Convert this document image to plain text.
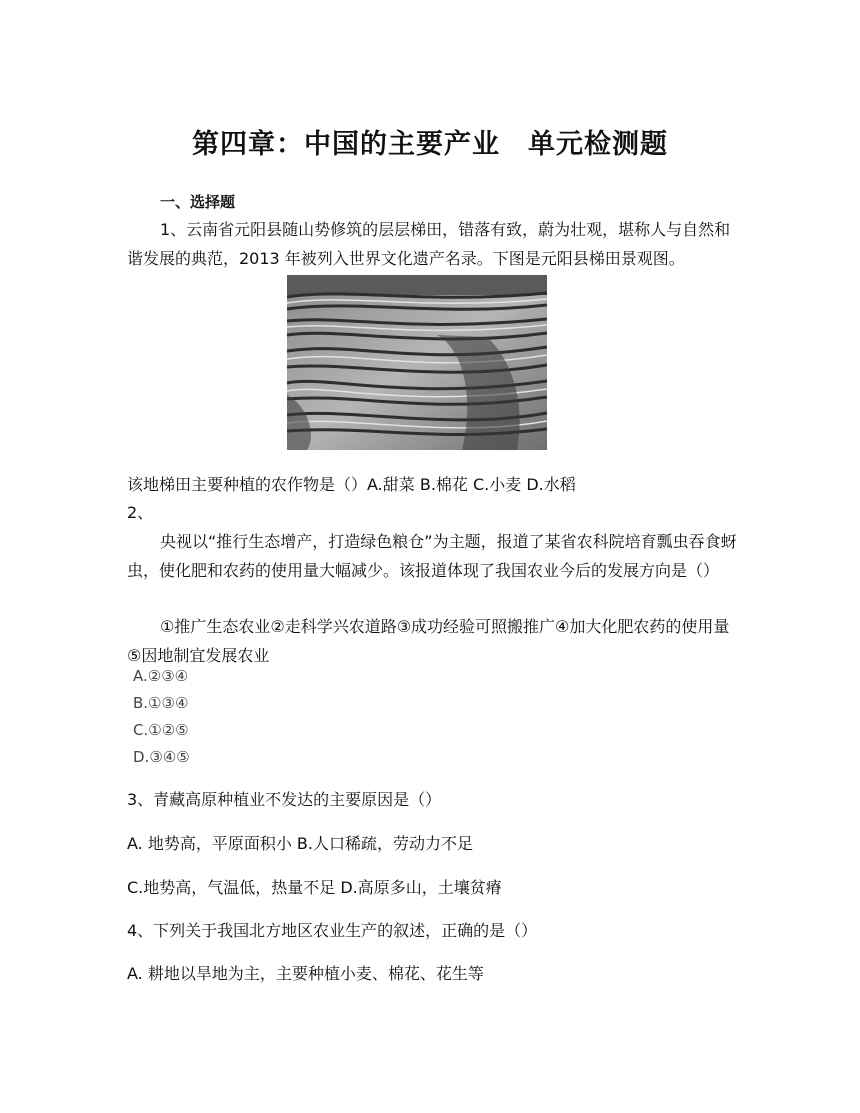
第四章：中国的主要产业　单元检测题
一、选择题

1、云南省元阳县随山势修筑的层层梯田，错落有致，蔚为壮观，堪称人与自然和谐发展的典范，2013 年被列入世界文化遗产名录。下图是元阳县梯田景观图。

该地梯田主要种植的农作物是（）A.甜菜 B.棉花 C.小麦 D.水稻

2、

央视以“推行生态增产，打造绿色粮仓”为主题，报道了某省农科院培育瓢虫吞食蚜虫，使化肥和农药的使用量大幅减少。该报道体现了我国农业今后的发展方向是（）

①推广生态农业②走科学兴农道路③成功经验可照搬推广④加大化肥农药的使用量⑤因地制宜发展农业

A.②③④
B.①③④
C.①②⑤
D.③④⑤

3、青藏高原种植业不发达的主要原因是（）

A. 地势高，平原面积小 B.人口稀疏，劳动力不足

C.地势高，气温低，热量不足 D.高原多山，土壤贫瘠

4、下列关于我国北方地区农业生产的叙述，正确的是（）

A. 耕地以旱地为主，主要种植小麦、棉花、花生等
